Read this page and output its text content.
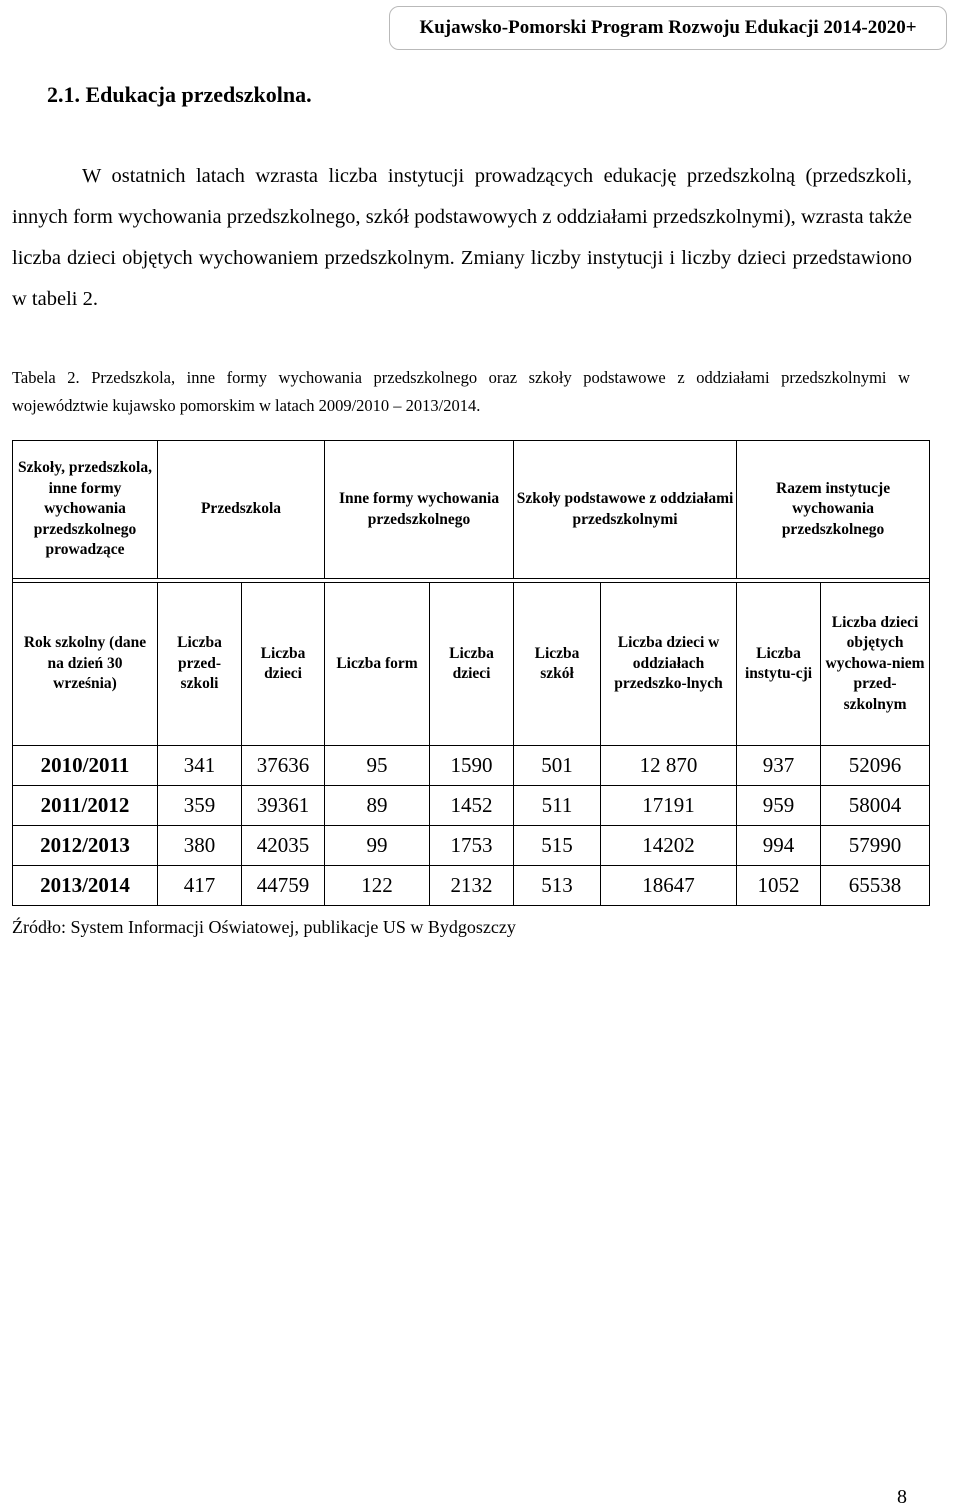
Kujawsko-Pomorski Program Rozwoju Edukacji 2014-2020+
2.1. Edukacja przedszkolna.

W ostatnich latach wzrasta liczba instytucji prowadzących edukację przedszkolną (przedszkoli, innych form wychowania przedszkolnego, szkół podstawowych z oddziałami przedszkolnymi), wzrasta także liczba dzieci objętych wychowaniem przedszkolnym. Zmiany liczby instytucji i liczby dzieci przedstawiono w tabeli 2.

Tabela 2. Przedszkola, inne formy wychowania przedszkolnego oraz szkoły podstawowe z oddziałami przedszkolnymi w województwie kujawsko pomorskim w latach 2009/2010 – 2013/2014.

Szkoły, przedszkola, inne formy wychowania przedszkolnego prowadzące	Przedszkola		Inne formy wychowania przedszkolnego		Szkoły podstawowe z oddziałami przedszkolnymi		Razem instytucje wychowania przedszkolnego	

Rok szkolny (dane na dzień 30 września)	Liczba przed-szkoli	Liczba dzieci	Liczba form	Liczba dzieci	Liczba szkół	Liczba dzieci w oddziałach przedszko-lnych	Liczba instytu-cji	Liczba dzieci objętych wychowa-niem przed-szkolnym
2010/2011	341	37636	95	1590	501	12 870	937	52096
2011/2012	359	39361	89	1452	511	17191	959	58004
2012/2013	380	42035	99	1753	515	14202	994	57990
2013/2014	417	44759	122	2132	513	18647	1052	65538
Źródło: System Informacji Oświatowej, publikacje US w Bydgoszczy
8
